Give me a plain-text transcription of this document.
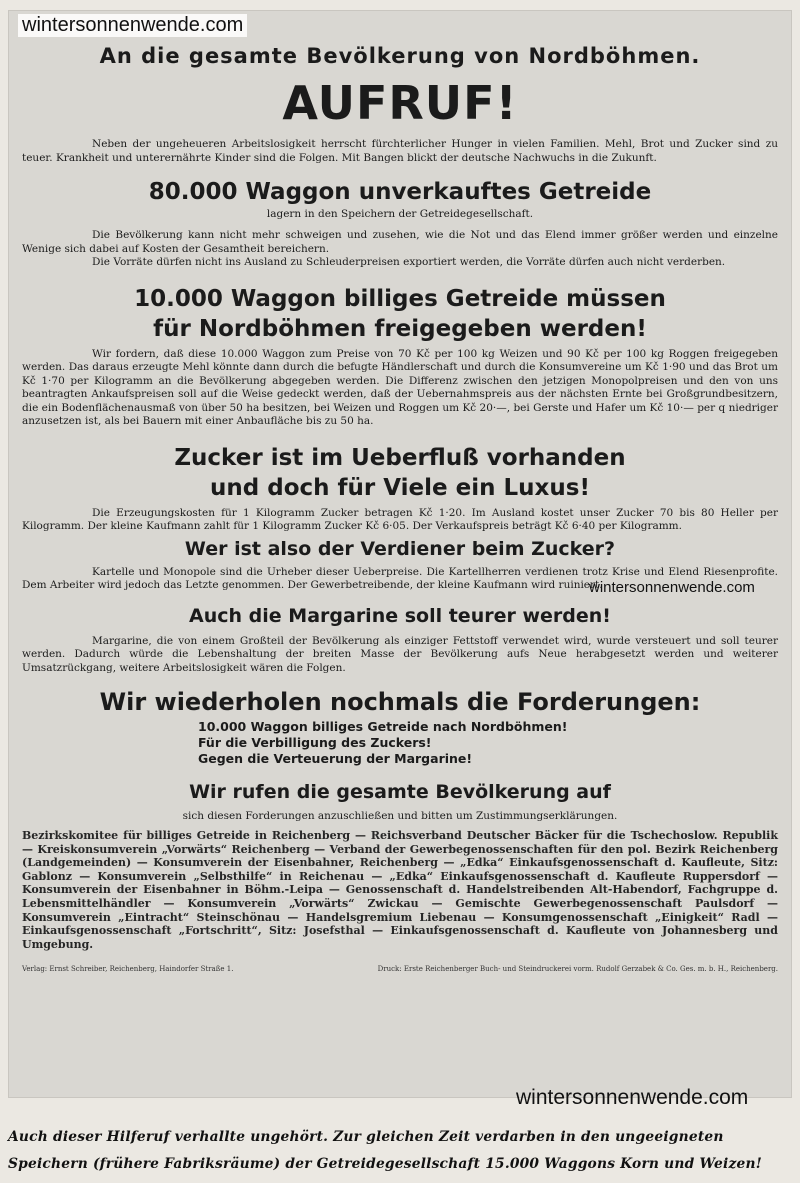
wintersonnenwende.com

An die gesamte Bevölkerung von Nordböhmen.

AUFRUF!

Neben der ungeheueren Arbeitslosigkeit herrscht fürchterlicher Hunger in vielen Familien. Mehl, Brot und Zucker sind zu teuer. Krankheit und unterernährte Kinder sind die Folgen. Mit Bangen blickt der deutsche Nachwuchs in die Zukunft.

80.000 Waggon unverkauftes Getreide

lagern in den Speichern der Getreidegesellschaft.

Die Bevölkerung kann nicht mehr schweigen und zusehen, wie die Not und das Elend immer größer werden und einzelne Wenige sich dabei auf Kosten der Gesamtheit bereichern.

Die Vorräte dürfen nicht ins Ausland zu Schleuderpreisen exportiert werden, die Vorräte dürfen auch nicht verderben.

10.000 Waggon billiges Getreide müssen

für Nordböhmen freigegeben werden!

Wir fordern, daß diese 10.000 Waggon zum Preise von 70 Kč per 100 kg Weizen und 90 Kč per 100 kg Roggen freigegeben werden. Das daraus erzeugte Mehl könnte dann durch die befugte Händlerschaft und durch die Konsumvereine um Kč 1·90 und das Brot um Kč 1·70 per Kilogramm an die Bevölkerung abgegeben werden. Die Differenz zwischen den jetzigen Monopolpreisen und den von uns beantragten Ankaufspreisen soll auf die Weise gedeckt werden, daß der Uebernahmspreis aus der nächsten Ernte bei Großgrundbesitzern, die ein Bodenflächenausmaß von über 50 ha besitzen, bei Weizen und Roggen um Kč 20·—, bei Gerste und Hafer um Kč 10·— per q niedriger anzusetzen ist, als bei Bauern mit einer Anbaufläche bis zu 50 ha.

Zucker ist im Ueberfluß vorhanden

und doch für Viele ein Luxus!

Die Erzeugungskosten für 1 Kilogramm Zucker betragen Kč 1·20. Im Ausland kostet unser Zucker 70 bis 80 Heller per Kilogramm. Der kleine Kaufmann zahlt für 1 Kilogramm Zucker Kč 6·05. Der Verkaufspreis beträgt Kč 6·40 per Kilogramm.

Wer ist also der Verdiener beim Zucker?

Kartelle und Monopole sind die Urheber dieser Ueberpreise. Die Kartellherren verdienen trotz Krise und Elend Riesenprofite. Dem Arbeiter wird jedoch das Letzte genommen. Der Gewerbetreibende, der kleine Kaufmann wird ruiniert.

Auch die Margarine soll teurer werden!

Margarine, die von einem Großteil der Bevölkerung als einziger Fettstoff verwendet wird, wurde versteuert und soll teurer werden. Dadurch würde die Lebenshaltung der breiten Masse der Bevölkerung aufs Neue herabgesetzt werden und weiterer Umsatzrückgang, weitere Arbeitslosigkeit wären die Folgen.

Wir wiederholen nochmals die Forderungen:

10.000 Waggon billiges Getreide nach Nordböhmen!
Für die Verbilligung des Zuckers!
Gegen die Verteuerung der Margarine!

Wir rufen die gesamte Bevölkerung auf

sich diesen Forderungen anzuschließen und bitten um Zustimmungserklärungen.

Bezirkskomitee für billiges Getreide in Reichenberg — Reichsverband Deutscher Bäcker für die Tschechoslow. Republik — Kreiskonsumverein „Vorwärts“ Reichenberg — Verband der Gewerbegenossenschaften für den pol. Bezirk Reichenberg (Landgemeinden) — Konsumverein der Eisenbahner, Reichenberg — „Edka“ Einkaufsgenossenschaft d. Kaufleute, Sitz: Gablonz — Konsumverein „Selbsthilfe“ in Reichenau — „Edka“ Einkaufsgenossenschaft d. Kaufleute Ruppersdorf — Konsumverein der Eisenbahner in Böhm.-Leipa — Genossenschaft d. Handelstreibenden Alt-Habendorf, Fachgruppe d. Lebensmittelhändler — Konsumverein „Vorwärts“ Zwickau — Gemischte Gewerbegenossenschaft Paulsdorf — Konsumverein „Eintracht“ Steinschönau — Handelsgremium Liebenau — Konsumgenossenschaft „Einigkeit“ Radl — Einkaufsgenossenschaft „Fortschritt“, Sitz: Josefsthal — Einkaufsgenossenschaft d. Kaufleute von Johannesberg und Umgebung.

Verlag: Ernst Schreiber, Reichenberg, Haindorfer Straße 1.	Druck: Erste Reichenberger Buch- und Steindruckerei vorm. Rudolf Gerzabek & Co. Ges. m. b. H., Reichenberg.
wintersonnenwende.com
wintersonnenwende.com
Auch dieser Hilferuf verhallte ungehört. Zur gleichen Zeit verdarben in den ungeeigneten
Speichern (frühere Fabriksräume) der Getreidegesellschaft 15.000 Waggons Korn und Weizen!
